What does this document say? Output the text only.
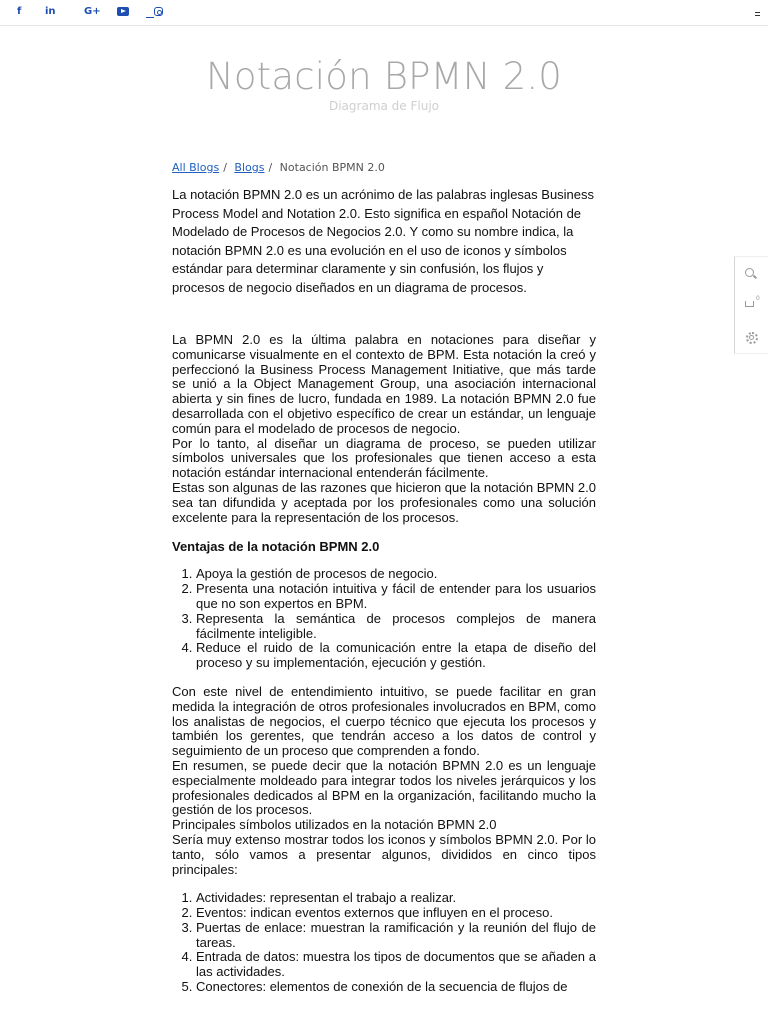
f in	G+
Notación BPMN 2.0
Diagrama de Flujo
All Blogs / Blogs / Notación BPMN 2.0
0

La notación BPMN 2.0 es un acrónimo de las palabras inglesas Business Process Model and Notation 2.0. Esto significa en español Notación de Modelado de Procesos de Negocios 2.0. Y como su nombre indica, la notación BPMN 2.0 es una evolución en el uso de iconos y símbolos estándar para determinar claramente y sin confusión, los flujos y procesos de negocio diseñados en un diagrama de procesos.

La BPMN 2.0 es la última palabra en notaciones para diseñar y comunicarse visualmente en el contexto de BPM. Esta notación la creó y perfeccionó la Business Process Management Initiative, que más tarde se unió a la Object Management Group, una asociación internacional abierta y sin fines de lucro, fundada en 1989. La notación BPMN 2.0 fue desarrollada con el objetivo específico de crear un estándar, un lenguaje común para el modelado de procesos de negocio.

Por lo tanto, al diseñar un diagrama de proceso, se pueden utilizar símbolos universales que los profesionales que tienen acceso a esta notación estándar internacional entenderán fácilmente.

Estas son algunas de las razones que hicieron que la notación BPMN 2.0 sea tan difundida y aceptada por los profesionales como una solución excelente para la representación de los procesos.

Ventajas de la notación BPMN 2.0
1. Apoya la gestión de procesos de negocio.
2. Presenta una notación intuitiva y fácil de entender para los usuarios que no son expertos en BPM.
3. Representa la semántica de procesos complejos de manera fácilmente inteligible.
4. Reduce el ruido de la comunicación entre la etapa de diseño del proceso y su implementación, ejecución y gestión.

Con este nivel de entendimiento intuitivo, se puede facilitar en gran medida la integración de otros profesionales involucrados en BPM, como los analistas de negocios, el cuerpo técnico que ejecuta los procesos y también los gerentes, que tendrán acceso a los datos de control y seguimiento de un proceso que comprenden a fondo.

En resumen, se puede decir que la notación BPMN 2.0 es un lenguaje especialmente moldeado para integrar todos los niveles jerárquicos y los profesionales dedicados al BPM en la organización, facilitando mucho la gestión de los procesos.

Principales símbolos utilizados en la notación BPMN 2.0

Sería muy extenso mostrar todos los iconos y símbolos BPMN 2.0. Por lo tanto, sólo vamos a presentar algunos, divididos en cinco tipos principales:

1. Actividades: representan el trabajo a realizar.
2. Eventos: indican eventos externos que influyen en el proceso.
3. Puertas de enlace: muestran la ramificación y la reunión del flujo de tareas.
4. Entrada de datos: muestra los tipos de documentos que se añaden a las actividades.
5. Conectores: elementos de conexión de la secuencia de flujos de
